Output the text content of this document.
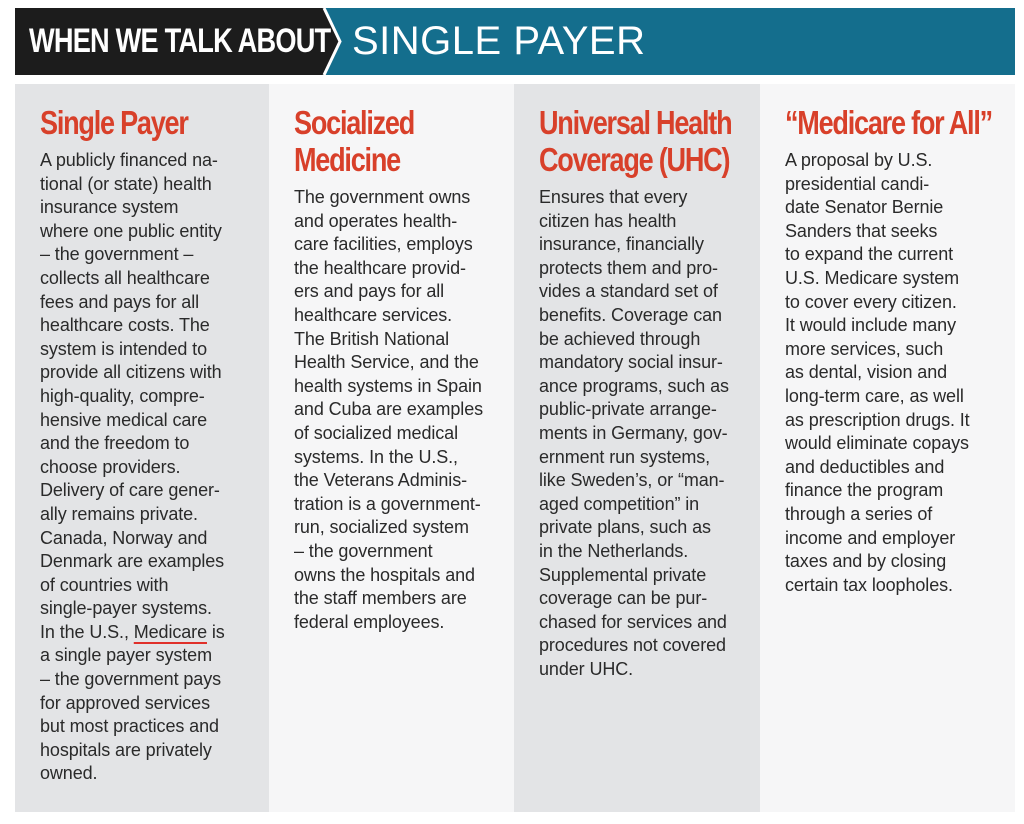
WHEN WE TALK ABOUT SINGLE PAYER
Single Payer
A publicly financed na-
tional (or state) health
insurance system
where one public entity
– the government –
collects all healthcare
fees and pays for all
healthcare costs. The
system is intended to
provide all citizens with
high-quality, compre-
hensive medical care
and the freedom to
choose providers.
Delivery of care gener-
ally remains private.
Canada, Norway and
Denmark are examples
of countries with
single-payer systems.
In the U.S., Medicare is
a single payer system
– the government pays
for approved services
but most practices and
hospitals are privately
owned.
Socialized
Medicine
The government owns
and operates health-
care facilities, employs
the healthcare provid-
ers and pays for all
healthcare services.
The British National
Health Service, and the
health systems in Spain
and Cuba are examples
of socialized medical
systems. In the U.S.,
the Veterans Adminis-
tration is a government-
run, socialized system
– the government
owns the hospitals and
the staff members are
federal employees.
Universal Health
Coverage (UHC)
Ensures that every
citizen has health
insurance, financially
protects them and pro-
vides a standard set of
benefits. Coverage can
be achieved through
mandatory social insur-
ance programs, such as
public-private arrange-
ments in Germany, gov-
ernment run systems,
like Sweden’s, or “man-
aged competition” in
private plans, such as
in the Netherlands.
Supplemental private
coverage can be pur-
chased for services and
procedures not covered
under UHC.
“Medicare for All”
A proposal by U.S.
presidential candi-
date Senator Bernie
Sanders that seeks
to expand the current
U.S. Medicare system
to cover every citizen.
It would include many
more services, such
as dental, vision and
long-term care, as well
as prescription drugs. It
would eliminate copays
and deductibles and
finance the program
through a series of
income and employer
taxes and by closing
certain tax loopholes.
